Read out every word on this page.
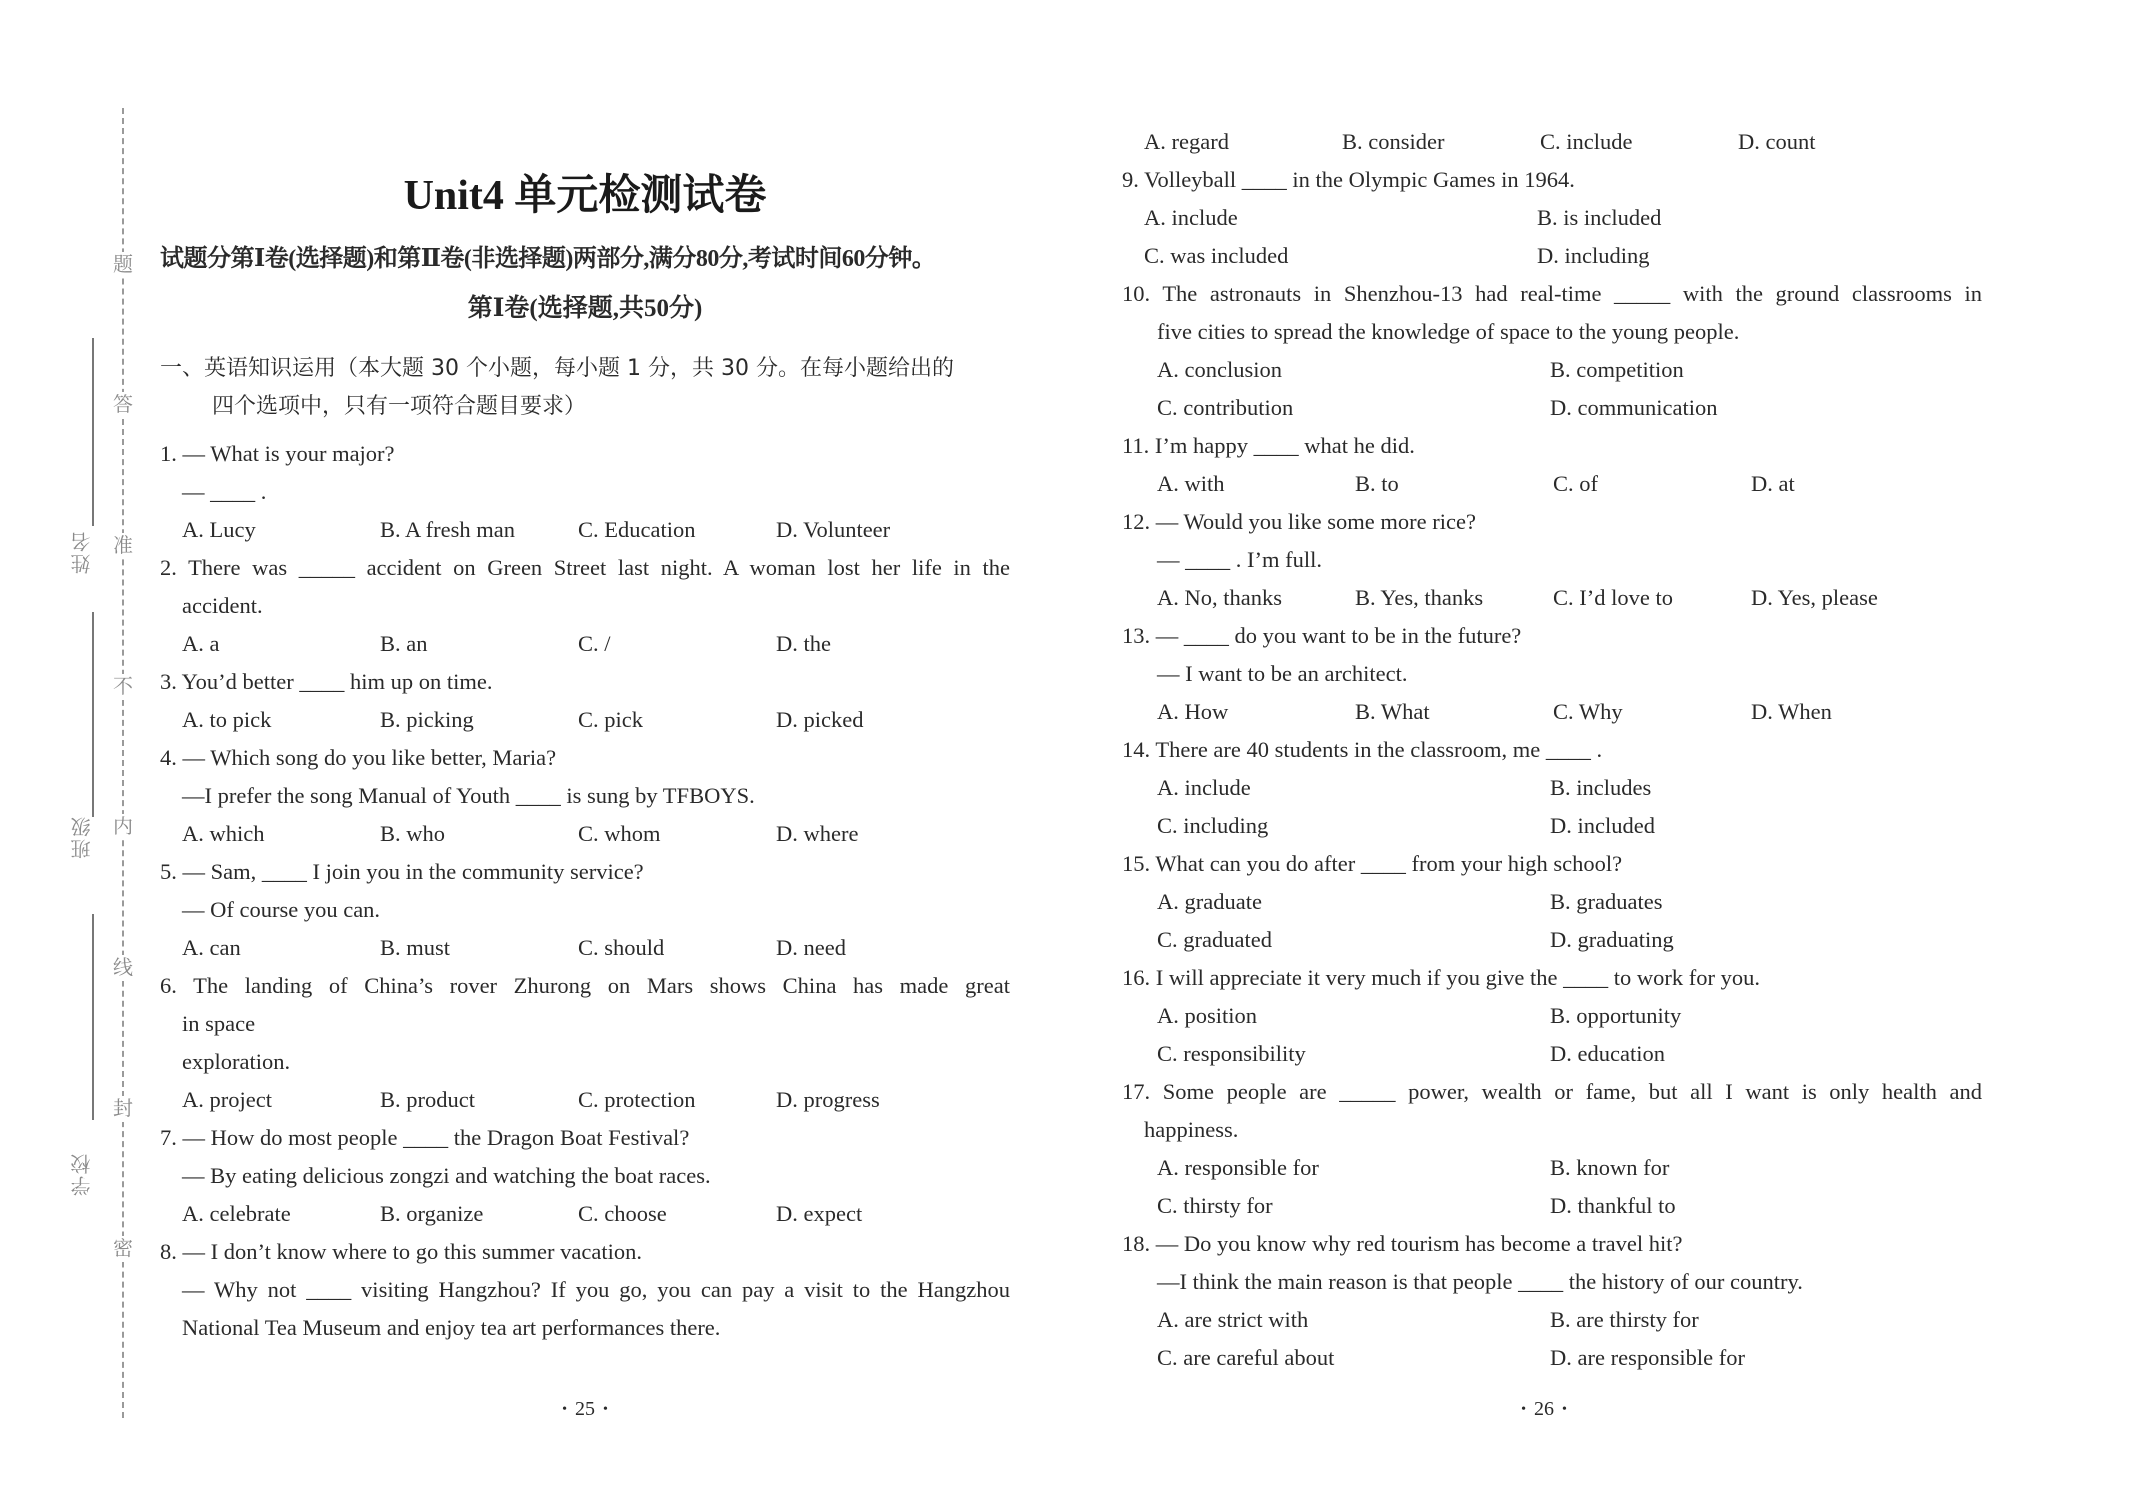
题
答
准
不
内
线
封
密
姓名
班级
学校
Unit4 单元检测试卷
试题分第Ⅰ卷(选择题)和第Ⅱ卷(非选择题)两部分,满分80分,考试时间60分钟。
第Ⅰ卷(选择题,共50分)
一、英语知识运用（本大题 30 个小题，每小题 1 分，共 30 分。在每小题给出的
四个选项中，只有一项符合题目要求）
1. — What is your major?
— ____ .
A. Lucy	B. A fresh man	C. Education	D. Volunteer
2. There was _____ accident on Green Street last night. A woman lost her life in the
accident.
A. a	B. an	C. /	D. the
3. You’d better ____ him up on time.
A. to pick	B. picking	C. pick	D. picked
4. — Which song do you like better, Maria?
—I prefer the song Manual of Youth ____ is sung by TFBOYS.
A. which	B. who	C. whom	D. where
5. — Sam, ____ I join you in the community service?
— Of course you can.
A. can	B. must	C. should	D. need
6. The landing of China’s rover Zhurong on Mars shows China has made great
in space
exploration.
A. project	B. product	C. protection	D. progress
7. — How do most people ____ the Dragon Boat Festival?
— By eating delicious zongzi and watching the boat races.
A. celebrate	B. organize	C. choose	D. expect
8. — I don’t know where to go this summer vacation.
— Why not ____ visiting Hangzhou? If you go, you can pay a visit to the Hangzhou
National Tea Museum and enjoy tea art performances there.
• 25 •
A. regard	B. consider	C. include	D. count
9. Volleyball ____ in the Olympic Games in 1964.
A. include	B. is included
C. was included	D. including
10. The astronauts in Shenzhou-13 had real-time _____ with the ground classrooms in
five cities to spread the knowledge of space to the young people.
A. conclusion	B. competition
C. contribution	D. communication
11. I’m happy ____ what he did.
A. with	B. to	C. of	D. at
12. — Would you like some more rice?
— ____ . I’m full.
A. No, thanks	B. Yes, thanks	C. I’d love to	D. Yes, please
13. — ____ do you want to be in the future?
— I want to be an architect.
A. How	B. What	C. Why	D. When
14. There are 40 students in the classroom, me ____ .
A. include	B. includes
C. including	D. included
15. What can you do after ____ from your high school?
A. graduate	B. graduates
C. graduated	D. graduating
16. I will appreciate it very much if you give the ____ to work for you.
A. position	B. opportunity
C. responsibility	D. education
17. Some people are _____ power, wealth or fame, but all I want is only health and
happiness.
A. responsible for	B. known for
C. thirsty for	D. thankful to
18. — Do you know why red tourism has become a travel hit?
—I think the main reason is that people ____ the history of our country.
A. are strict with	B. are thirsty for
C. are careful about	D. are responsible for
• 26 •
